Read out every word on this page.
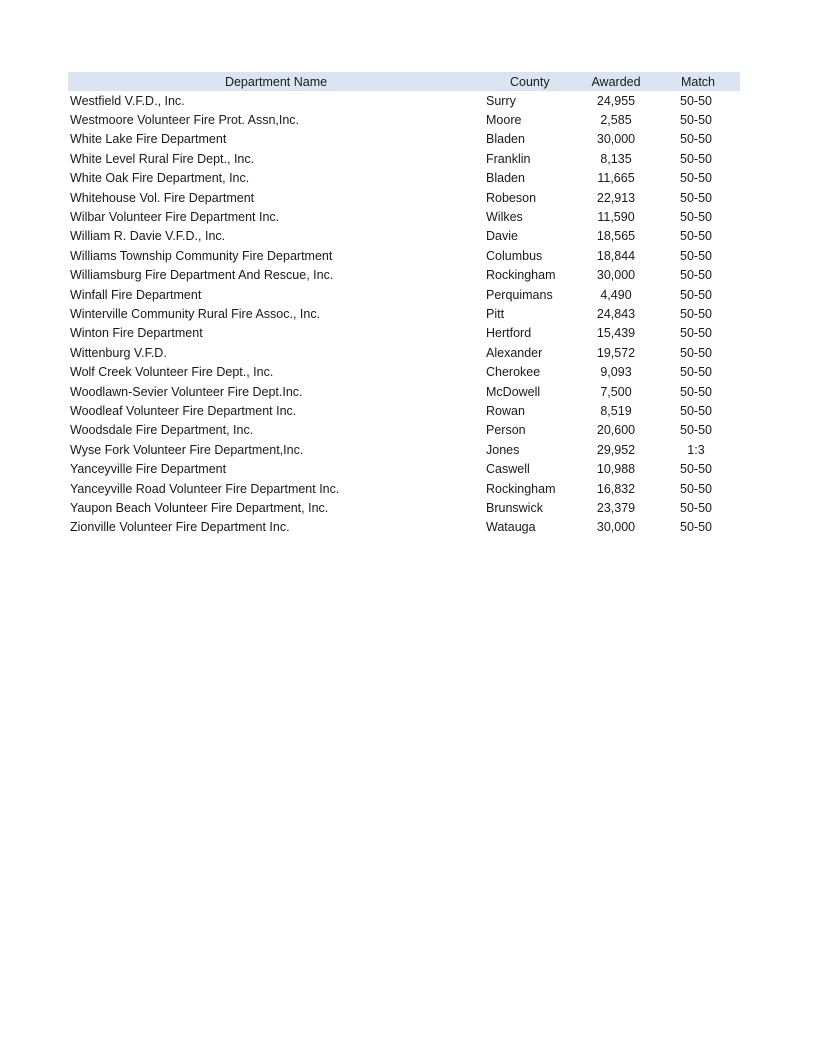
Department Name	County	Awarded	Match
Westfield V.F.D., Inc.	Surry	24,955	50-50
Westmoore Volunteer Fire Prot. Assn,Inc.	Moore	2,585	50-50
White Lake Fire Department	Bladen	30,000	50-50
White Level Rural Fire Dept., Inc.	Franklin	8,135	50-50
White Oak Fire Department, Inc.	Bladen	11,665	50-50
Whitehouse Vol. Fire Department	Robeson	22,913	50-50
Wilbar Volunteer Fire Department Inc.	Wilkes	11,590	50-50
William R. Davie V.F.D., Inc.	Davie	18,565	50-50
Williams Township Community Fire Department	Columbus	18,844	50-50
Williamsburg Fire Department And Rescue, Inc.	Rockingham	30,000	50-50
Winfall Fire Department	Perquimans	4,490	50-50
Winterville Community Rural Fire Assoc., Inc.	Pitt	24,843	50-50
Winton Fire Department	Hertford	15,439	50-50
Wittenburg V.F.D.	Alexander	19,572	50-50
Wolf Creek Volunteer Fire Dept., Inc.	Cherokee	9,093	50-50
Woodlawn-Sevier Volunteer Fire Dept.Inc.	McDowell	7,500	50-50
Woodleaf Volunteer Fire Department Inc.	Rowan	8,519	50-50
Woodsdale Fire Department, Inc.	Person	20,600	50-50
Wyse Fork Volunteer Fire Department,Inc.	Jones	29,952	1:3
Yanceyville Fire Department	Caswell	10,988	50-50
Yanceyville Road Volunteer Fire Department Inc.	Rockingham	16,832	50-50
Yaupon Beach Volunteer Fire Department, Inc.	Brunswick	23,379	50-50
Zionville Volunteer Fire Department Inc.	Watauga	30,000	50-50
